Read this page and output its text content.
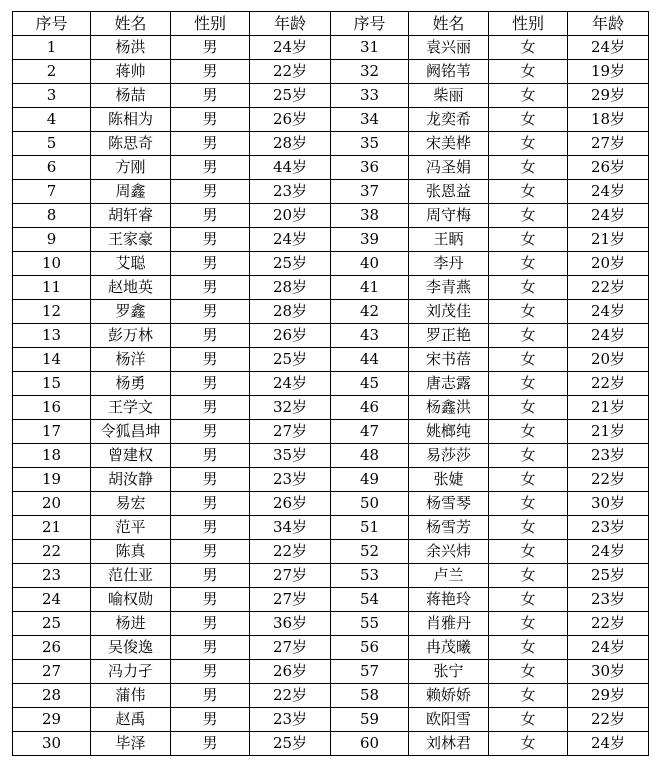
序号	姓名	性别	年龄	序号	姓名	性别	年龄
1	杨洪	男	24岁	31	袁兴丽	女	24岁
2	蒋帅	男	22岁	32	阙铭苇	女	19岁
3	杨喆	男	25岁	33	柴丽	女	29岁
4	陈相为	男	26岁	34	龙奕希	女	18岁
5	陈思奇	男	28岁	35	宋美桦	女	27岁
6	方刚	男	44岁	36	冯圣娟	女	26岁
7	周鑫	男	23岁	37	张恩益	女	24岁
8	胡轩睿	男	20岁	38	周守梅	女	24岁
9	王家豪	男	24岁	39	王眪	女	21岁
10	艾聪	男	25岁	40	李丹	女	20岁
11	赵地英	男	28岁	41	李青燕	女	22岁
12	罗鑫	男	28岁	42	刘茂佳	女	24岁
13	彭万林	男	26岁	43	罗正艳	女	24岁
14	杨洋	男	25岁	44	宋书蓓	女	20岁
15	杨勇	男	24岁	45	唐志露	女	22岁
16	王学文	男	32岁	46	杨鑫洪	女	21岁
17	令狐昌坤	男	27岁	47	姚榔纯	女	21岁
18	曾建权	男	35岁	48	易莎莎	女	23岁
19	胡汝静	男	23岁	49	张婕	女	22岁
20	易宏	男	26岁	50	杨雪琴	女	30岁
21	范平	男	34岁	51	杨雪芳	女	23岁
22	陈真	男	22岁	52	余兴炜	女	24岁
23	范仕亚	男	27岁	53	卢兰	女	25岁
24	喻权勋	男	27岁	54	蒋艳玲	女	23岁
25	杨进	男	36岁	55	肖雅丹	女	22岁
26	吴俊逸	男	27岁	56	冉茂曦	女	24岁
27	冯力孑	男	26岁	57	张宁	女	30岁
28	蒲伟	男	22岁	58	赖娇娇	女	29岁
29	赵禹	男	23岁	59	欧阳雪	女	22岁
30	毕泽	男	25岁	60	刘林君	女	24岁
